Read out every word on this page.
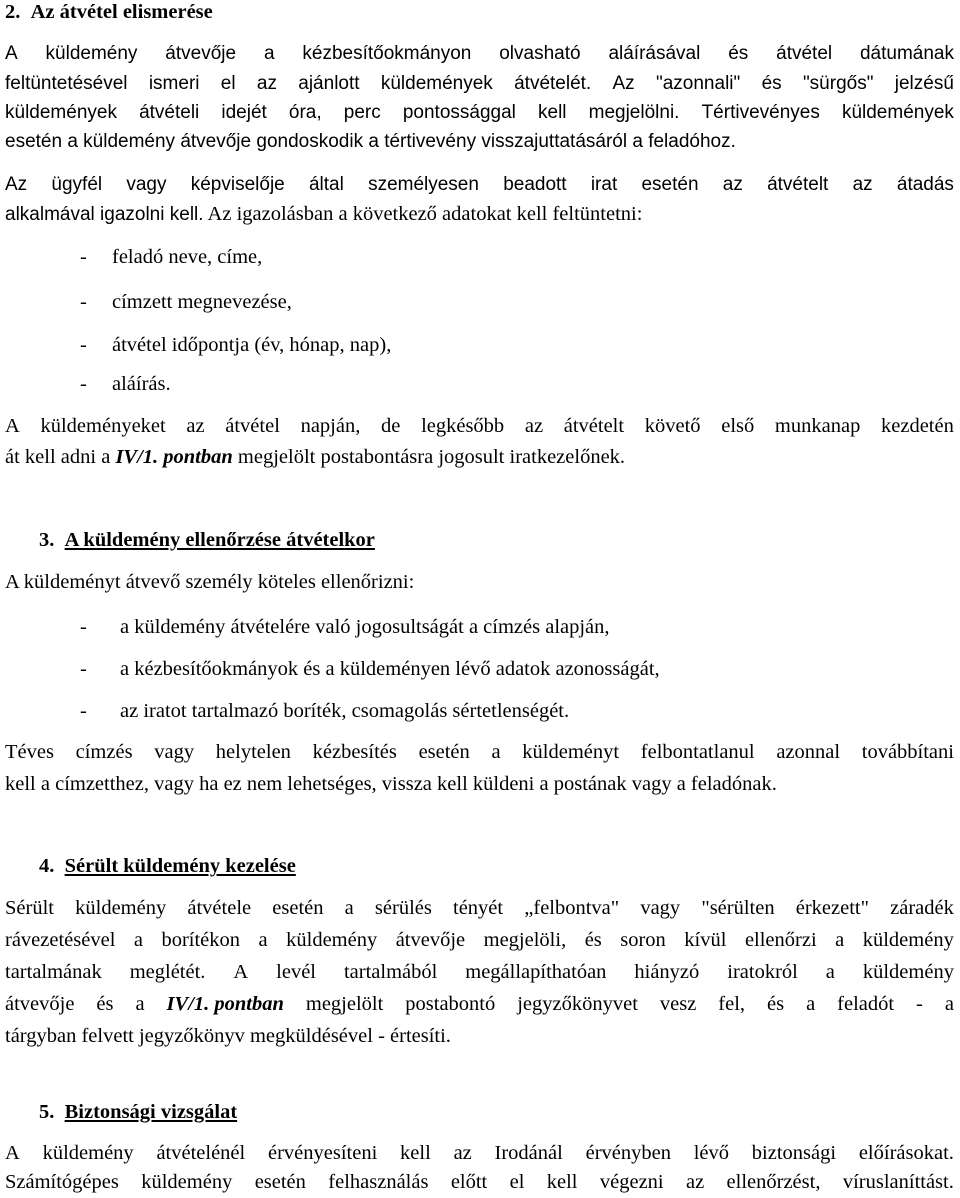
2. Az átvétel elismerése
A küldemény átvevője a kézbesítőokmányon olvasható aláírásával és átvétel dátumának
feltüntetésével ismeri el az ajánlott küldemények átvételét. Az "azonnali" és "sürgős" jelzésű
küldemények átvételi idejét óra, perc pontossággal kell megjelölni. Tértivevényes küldemények
esetén a küldemény átvevője gondoskodik a tértivevény visszajuttatásáról a feladóhoz.
Az ügyfél vagy képviselője által személyesen beadott irat esetén az átvételt az átadás
alkalmával igazolni kell. Az igazolásban a következő adatokat kell feltüntetni:
- feladó neve, címe,
- címzett megnevezése,
- átvétel időpontja (év, hónap, nap),
- aláírás.
A küldeményeket az átvétel napján, de legkésőbb az átvételt követő első munkanap kezdetén
át kell adni a IV/1. pontban megjelölt postabontásra jogosult iratkezelőnek.
3. A küldemény ellenőrzése átvételkor
A küldeményt átvevő személy köteles ellenőrizni:
- a küldemény átvételére való jogosultságát a címzés alapján,
- a kézbesítőokmányok és a küldeményen lévő adatok azonosságát,
- az iratot tartalmazó boríték, csomagolás sértetlenségét.
Téves címzés vagy helytelen kézbesítés esetén a küldeményt felbontatlanul azonnal továbbítani
kell a címzetthez, vagy ha ez nem lehetséges, vissza kell küldeni a postának vagy a feladónak.
4. Sérült küldemény kezelése
Sérült küldemény átvétele esetén a sérülés tényét „felbontva" vagy "sérülten érkezett" záradék
rávezetésével a borítékon a küldemény átvevője megjelöli, és soron kívül ellenőrzi a küldemény
tartalmának meglétét. A levél tartalmából megállapíthatóan hiányzó iratokról a küldemény
átvevője és a IV/1. pontban megjelölt postabontó jegyzőkönyvet vesz fel, és a feladót - a
tárgyban felvett jegyzőkönyv megküldésével - értesíti.
5. Biztonsági vizsgálat
A küldemény átvételénél érvényesíteni kell az Irodánál érvényben lévő biztonsági előírásokat.
Számítógépes küldemény esetén felhasználás előtt el kell végezni az ellenőrzést, víruslaníttást.
